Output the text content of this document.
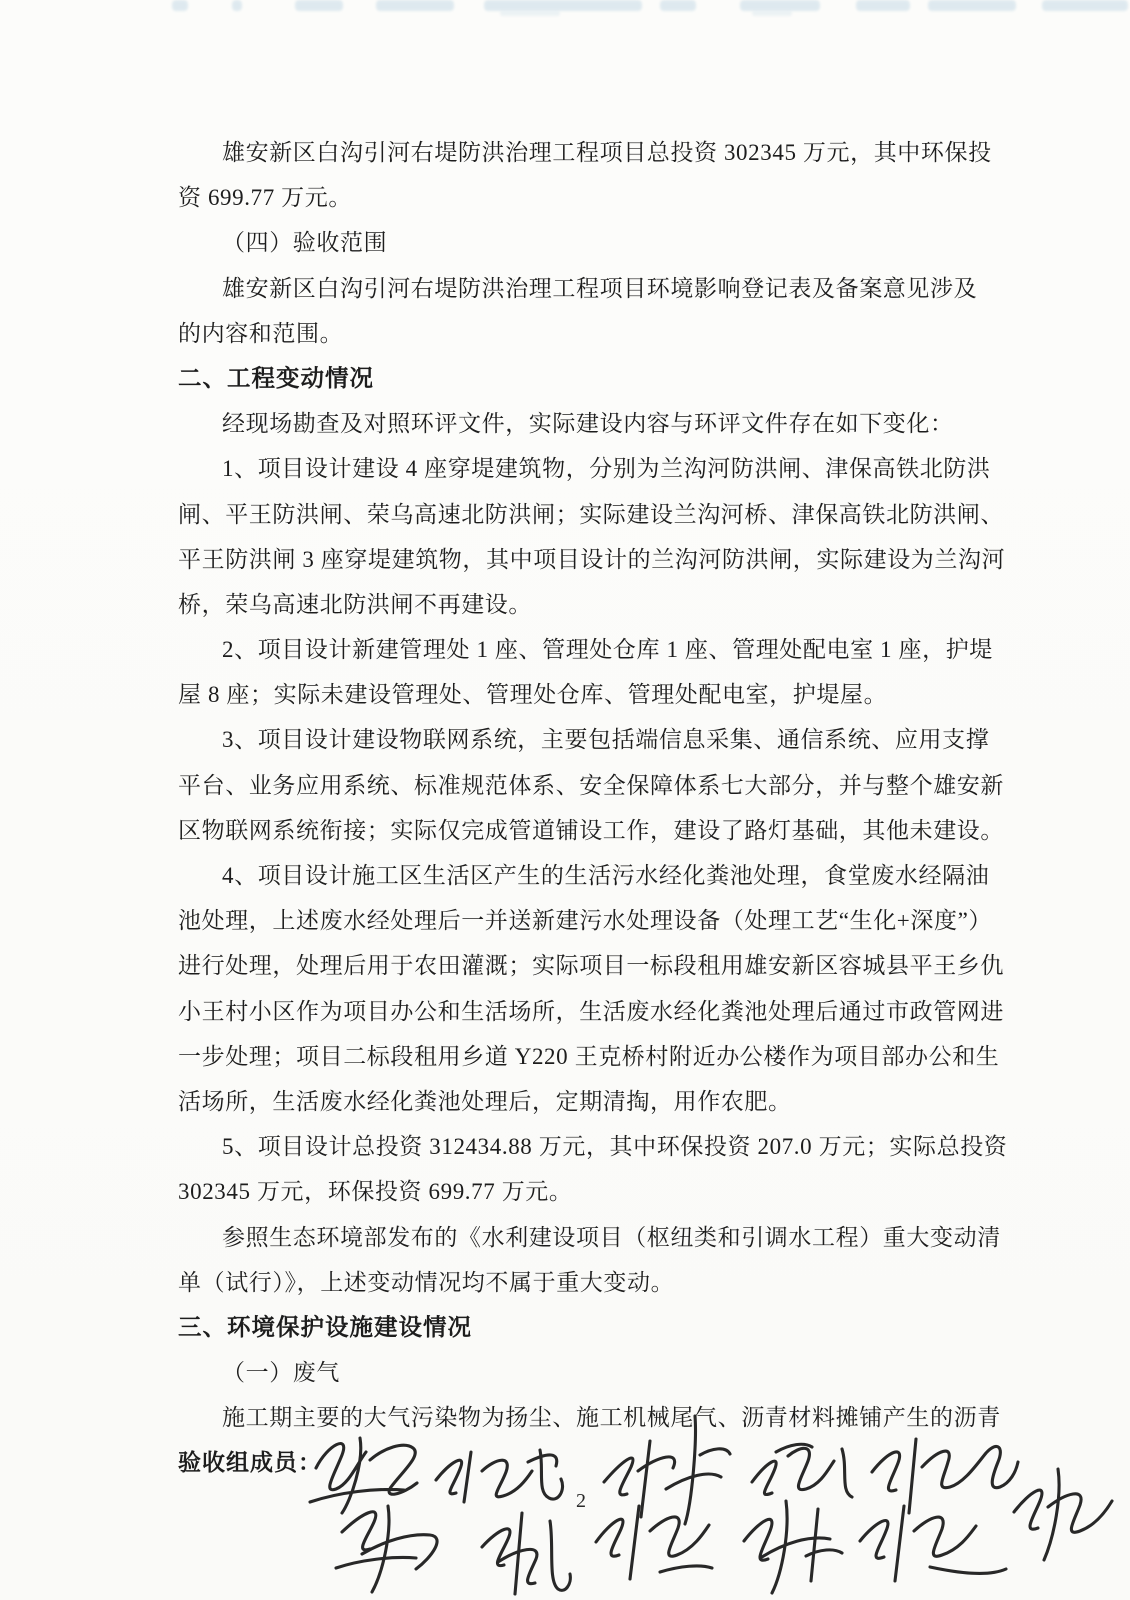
雄安新区白沟引河右堤防洪治理工程项目总投资 302345 万元，其中环保投
资 699.77 万元。
（四）验收范围
雄安新区白沟引河右堤防洪治理工程项目环境影响登记表及备案意见涉及
的内容和范围。
二、工程变动情况
经现场勘查及对照环评文件，实际建设内容与环评文件存在如下变化：
1、项目设计建设 4 座穿堤建筑物，分别为兰沟河防洪闸、津保高铁北防洪
闸、平王防洪闸、荣乌高速北防洪闸；实际建设兰沟河桥、津保高铁北防洪闸、
平王防洪闸 3 座穿堤建筑物，其中项目设计的兰沟河防洪闸，实际建设为兰沟河
桥，荣乌高速北防洪闸不再建设。
2、项目设计新建管理处 1 座、管理处仓库 1 座、管理处配电室 1 座，护堤
屋 8 座；实际未建设管理处、管理处仓库、管理处配电室，护堤屋。
3、项目设计建设物联网系统，主要包括端信息采集、通信系统、应用支撑
平台、业务应用系统、标准规范体系、安全保障体系七大部分，并与整个雄安新
区物联网系统衔接；实际仅完成管道铺设工作，建设了路灯基础，其他未建设。
4、项目设计施工区生活区产生的生活污水经化粪池处理，食堂废水经隔油
池处理，上述废水经处理后一并送新建污水处理设备（处理工艺“生化+深度”）
进行处理，处理后用于农田灌溉；实际项目一标段租用雄安新区容城县平王乡仇
小王村小区作为项目办公和生活场所，生活废水经化粪池处理后通过市政管网进
一步处理；项目二标段租用乡道 Y220 王克桥村附近办公楼作为项目部办公和生
活场所，生活废水经化粪池处理后，定期清掏，用作农肥。
5、项目设计总投资 312434.88 万元，其中环保投资 207.0 万元；实际总投资
302345 万元，环保投资 699.77 万元。
参照生态环境部发布的《水利建设项目（枢纽类和引调水工程）重大变动清
单（试行）》，上述变动情况均不属于重大变动。
三、环境保护设施建设情况
（一）废气
施工期主要的大气污染物为扬尘、施工机械尾气、沥青材料摊铺产生的沥青
验收组成员：
2
